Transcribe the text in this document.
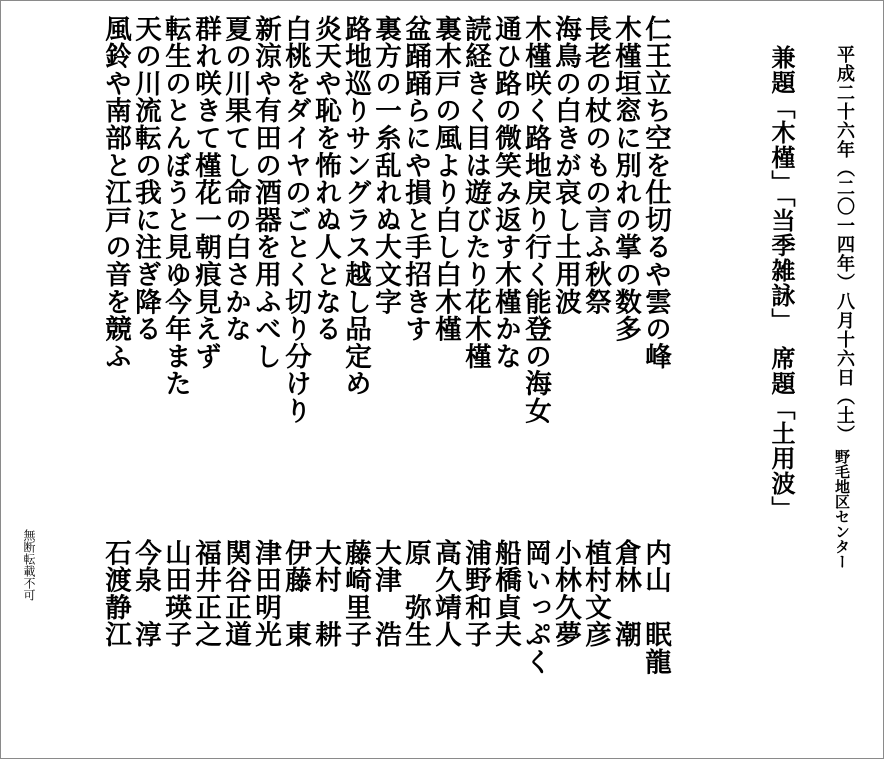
平成二十六年（二〇一四年）八月十六日（土）
野毛地区センター
兼題「木槿」「当季雑詠」　席題「土用波」
仁王立ち空を仕切るや雲の峰
木槿垣窓に別れの掌の数多
長老の杖のもの言ふ秋祭
海鳥の白きが哀し土用波
木槿咲く路地戻り行く能登の海女
通ひ路の微笑み返す木槿かな
読経きく目は遊びたり花木槿
裏木戸の風より白し白木槿
盆踊踊らにや損と手招きす
裏方の一糸乱れぬ大文字
路地巡りサングラス越し品定め
炎天や恥を怖れぬ人となる
白桃をダイヤのごとく切り分けり
新涼や有田の酒器を用ふべし
夏の川果てし命の白さかな
群れ咲きて槿花一朝痕見えず
転生のとんぼうと見ゆ今年また
天の川流転の我に注ぎ降る
風鈴や南部と江戸の音を競ふ
内山　眠龍
倉林　潮
植村文彦
小林久夢
岡いっぷく
船橋貞夫
浦野和子
高久靖人
原　弥生
大津　浩
藤崎里子
大村　耕
伊藤　東
津田明光
関谷正道
福井正之
山田瑛子
今泉　淳
石渡静江
無断転載不可
